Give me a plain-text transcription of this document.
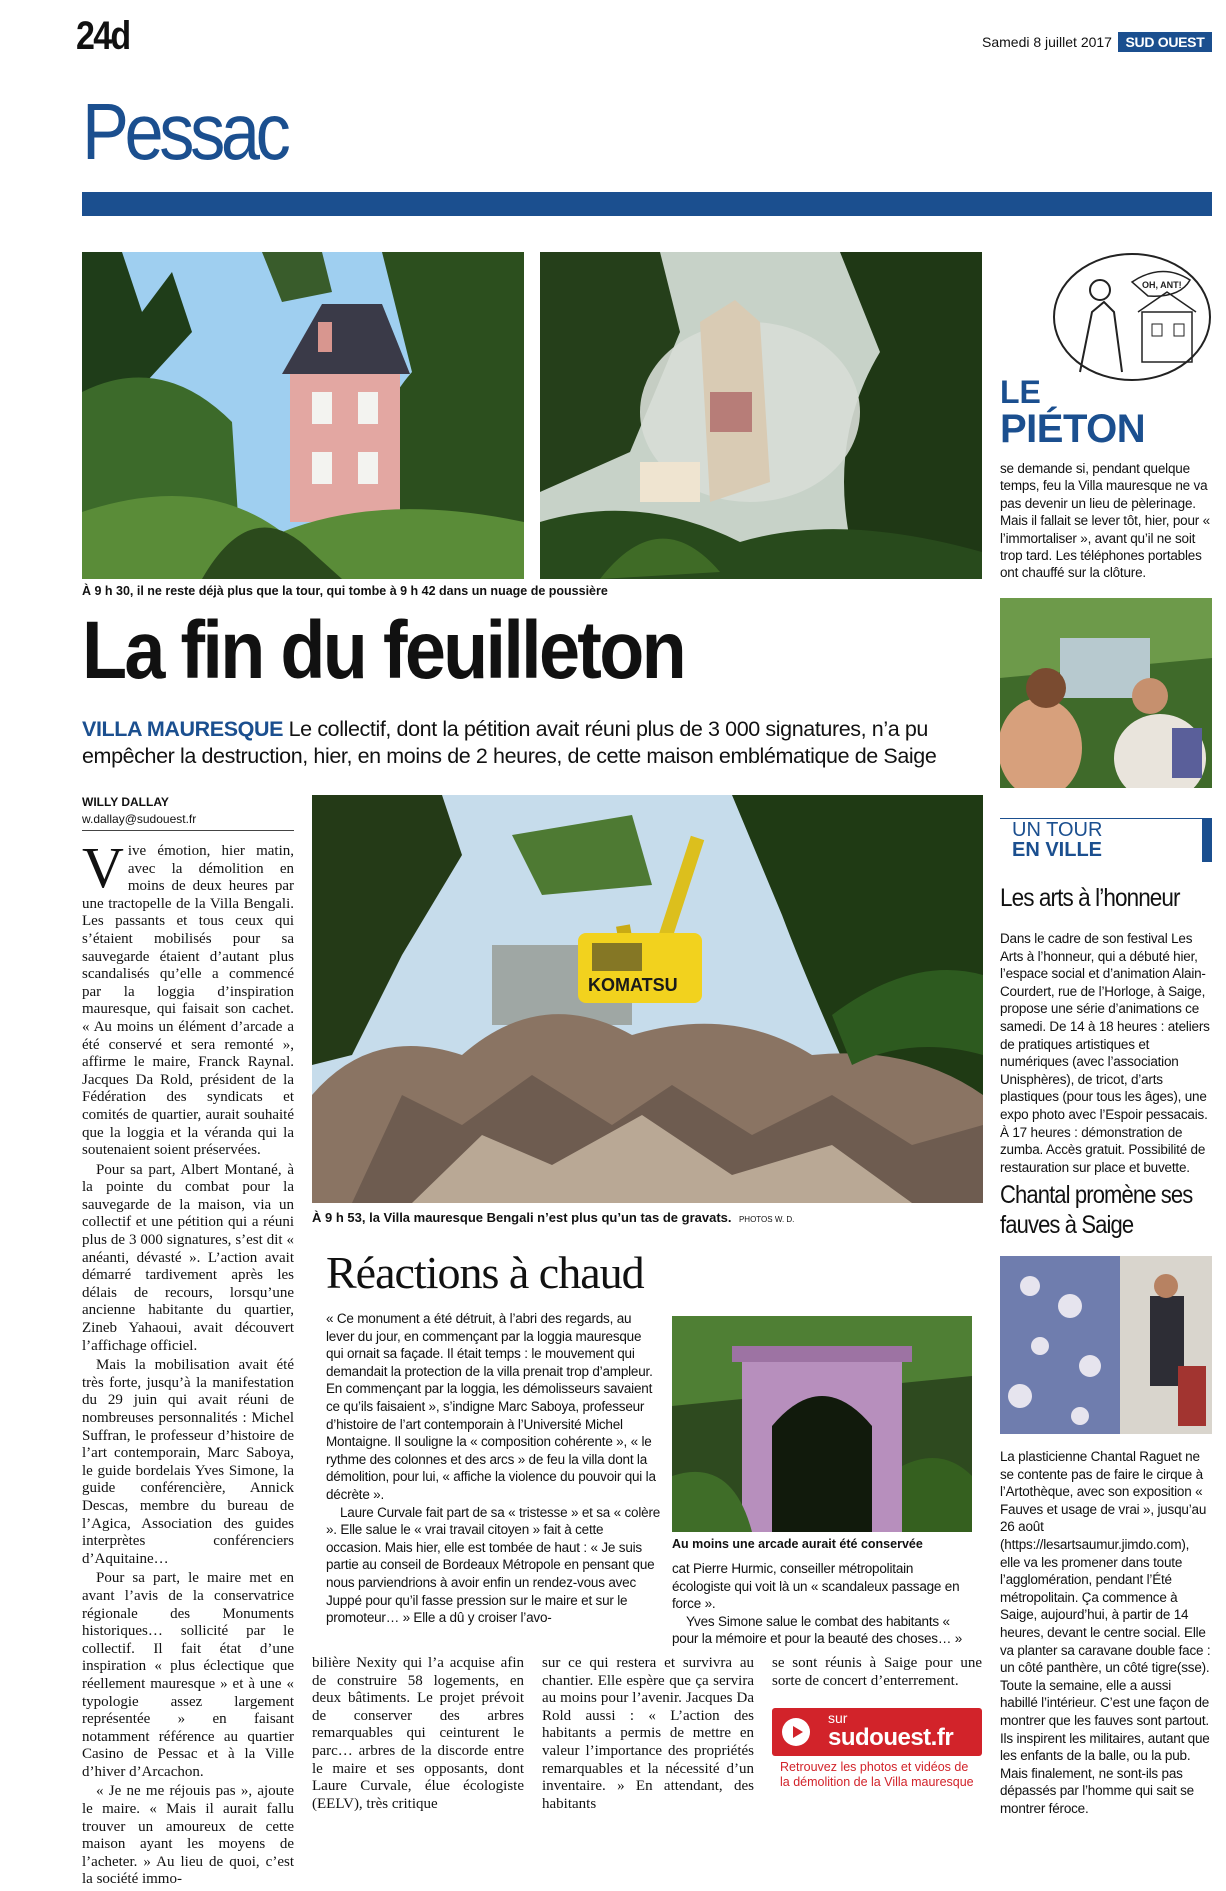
24d	Samedi 8 juillet 2017 SUD OUEST
Pessac
À 9 h 30, il ne reste déjà plus que la tour, qui tombe à 9 h 42 dans un nuage de poussière
La fin du feuilleton
VILLA MAURESQUE Le collectif, dont la pétition avait réuni plus de 3 000 signatures, n’a pu empêcher la destruction, hier, en moins de 2 heures, de cette maison emblématique de Saige
WILLY DALLAY
w.dallay@sudouest.fr

V ive émotion, hier matin, avec la démolition en moins de deux heures par une tractopelle de la Villa Bengali. Les passants et tous ceux qui s’étaient mobilisés pour sa sauvegarde étaient d’autant plus scandalisés qu’elle a commencé par la loggia d’inspiration mauresque, qui faisait son cachet. « Au moins un élément d’arcade a été conservé et sera remonté », affirme le maire, Franck Raynal. Jacques Da Rold, président de la Fédération des syndicats et comités de quartier, aurait souhaité que la loggia et la véranda qui la soutenaient soient préservées.

Pour sa part, Albert Montané, à la pointe du combat pour la sauvegarde de la maison, via un collectif et une pétition qui a réuni plus de 3 000 signatures, s’est dit « anéanti, dévasté ». L’action avait démarré tardivement après les délais de recours, lorsqu’une ancienne habitante du quartier, Zineb Yahaoui, avait découvert l’affichage officiel.

Mais la mobilisation avait été très forte, jusqu’à la manifestation du 29 juin qui avait réuni de nombreuses personnalités : Michel Suffran, le professeur d’histoire de l’art contemporain, Marc Saboya, le guide bordelais Yves Simone, la guide conférencière, Annick Descas, membre du bureau de l’Agica, Association des guides interprètes conférenciers d’Aquitaine…

Pour sa part, le maire met en avant l’avis de la conservatrice régionale des Monuments historiques… sollicité par le collectif. Il fait état d’une inspiration « plus éclectique que réellement mauresque » et à une « typologie assez largement représentée » en faisant notamment référence au quartier Casino de Pessac et à la Ville d’hiver d’Arcachon.

« Je ne me réjouis pas », ajoute le maire. « Mais il aurait fallu trouver un amoureux de cette maison ayant les moyens de l’acheter. » Au lieu de quoi, c’est la société immo-

KOMATSU
À 9 h 53, la Villa mauresque Bengali n’est plus qu’un tas de gravats. PHOTOS W. D.
Réactions à chaud
« Ce monument a été détruit, à l’abri des regards, au lever du jour, en commençant par la loggia mauresque qui ornait sa façade. Il était temps : le mouvement qui demandait la protection de la villa prenait trop d’ampleur. En commençant par la loggia, les démolisseurs savaient ce qu’ils faisaient », s’indigne Marc Saboya, professeur d’histoire de l’art contemporain à l’Université Michel Montaigne. Il souligne la « composition cohérente », « le rythme des colonnes et des arcs » de feu la villa dont la démolition, pour lui, « affiche la violence du pouvoir qui la décrète ».
Laure Curvale fait part de sa « tristesse » et sa « colère ». Elle salue le « vrai travail citoyen » fait à cette occasion. Mais hier, elle est tombée de haut : « Je suis partie au conseil de Bordeaux Métropole en pensant que nous parviendrions à avoir enfin un rendez-vous avec Juppé pour qu’il fasse pression sur le maire et sur le promoteur… » Elle a dû y croiser l’avo-
Au moins une arcade aurait été conservée
cat Pierre Hurmic, conseiller métropolitain écologiste qui voit là un « scandaleux passage en force ».
Yves Simone salue le combat des habitants « pour la mémoire et pour la beauté des choses… »
bilière Nexity qui l’a acquise afin de construire 58 logements, en deux bâtiments. Le projet prévoit de conserver des arbres remarquables qui ceinturent le parc… arbres de la discorde entre le maire et ses opposants, dont Laure Curvale, élue écologiste (EELV), très critique
sur ce qui restera et survivra au chantier. Elle espère que ça servira au moins pour l’avenir. Jacques Da Rold aussi : « L’action des habitants a permis de mettre en valeur l’importance des propriétés remarquables et la nécessité d’un inventaire. » En attendant, des habitants
se sont réunis à Saige pour une sorte de concert d’enterrement.
sur
sudouest.fr
Retrouvez les photos et vidéos de la démolition de la Villa mauresque
OH, ANT!
LE
PIÉTON
se demande si, pendant quelque temps, feu la Villa mauresque ne va pas devenir un lieu de pèlerinage. Mais il fallait se lever tôt, hier, pour « l’immortaliser », avant qu’il ne soit trop tard. Les téléphones portables ont chauffé sur la clôture.
UN TOUR
EN VILLE
Les arts à l’honneur
Dans le cadre de son festival Les Arts à l’honneur, qui a débuté hier, l’espace social et d’animation Alain-Courdert, rue de l’Horloge, à Saige, propose une série d’animations ce samedi. De 14 à 18 heures : ateliers de pratiques artistiques et numériques (avec l’association Unisphères), de tricot, d’arts plastiques (pour tous les âges), une expo photo avec l’Espoir pessacais. À 17 heures : démonstration de zumba. Accès gratuit. Possibilité de restauration sur place et buvette.
Chantal promène ses fauves à Saige
La plasticienne Chantal Raguet ne se contente pas de faire le cirque à l’Artothèque, avec son exposition « Fauves et usage de vrai », jusqu’au 26 août (https://lesartsaumur.jimdo.com), elle va les promener dans toute l’agglomération, pendant l’Été métropolitain. Ça commence à Saige, aujourd’hui, à partir de 14 heures, devant le centre social. Elle va planter sa caravane double face : un côté panthère, un côté tigre(sse). Toute la semaine, elle a aussi habillé l’intérieur. C’est une façon de montrer que les fauves sont partout. Ils inspirent les militaires, autant que les enfants de la balle, ou la pub. Mais finalement, ne sont-ils pas dépassés par l’homme qui sait se montrer féroce.
